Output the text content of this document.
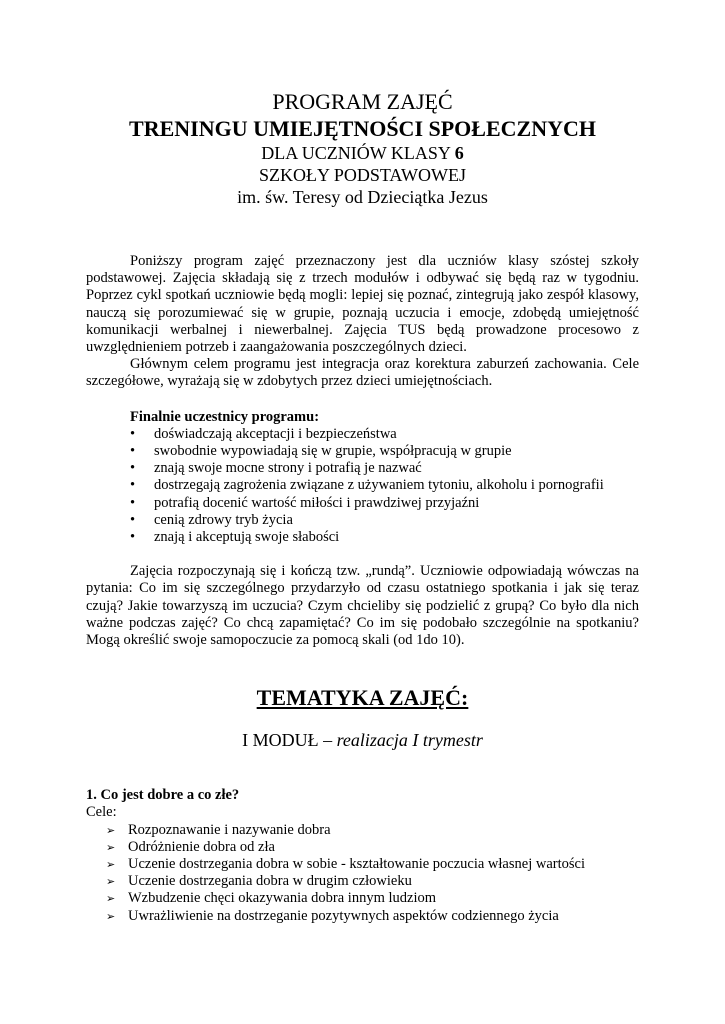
PROGRAM ZAJĘĆ
TRENINGU UMIEJĘTNOŚCI SPOŁECZNYCH
DLA UCZNIÓW KLASY 6
SZKOŁY PODSTAWOWEJ
im. św. Teresy od Dzieciątka Jezus

Poniższy program zajęć przeznaczony jest dla uczniów klasy szóstej szkoły podstawowej. Zajęcia składają się z trzech modułów i odbywać się będą raz w tygodniu. Poprzez cykl spotkań uczniowie będą mogli: lepiej się poznać, zintegrują jako zespół klasowy, nauczą się porozumiewać się w grupie, poznają uczucia i emocje, zdobędą umiejętność komunikacji werbalnej i niewerbalnej. Zajęcia TUS będą prowadzone procesowo z uwzględnieniem potrzeb i zaangażowania poszczególnych dzieci.

Głównym celem programu jest integracja oraz korektura zaburzeń zachowania. Cele szczegółowe, wyrażają się w zdobytych przez dzieci umiejętnościach.

Finalnie uczestnicy programu:
•	doświadczają akceptacji i bezpieczeństwa
•	swobodnie wypowiadają się w grupie, współpracują w grupie
•	znają swoje mocne strony i potrafią je nazwać
•	dostrzegają zagrożenia związane z używaniem tytoniu, alkoholu i pornografii
•	potrafią docenić wartość miłości i prawdziwej przyjaźni
•	cenią zdrowy tryb życia
•	znają i akceptują swoje słabości

Zajęcia rozpoczynają się i kończą tzw. „rundą”. Uczniowie odpowiadają wówczas na pytania: Co im się szczególnego przydarzyło od czasu ostatniego spotkania i jak się teraz czują? Jakie towarzyszą im uczucia? Czym chcieliby się podzielić z grupą? Co było dla nich ważne podczas zajęć? Co chcą zapamiętać? Co im się podobało szczególnie na spotkaniu? Mogą określić swoje samopoczucie za pomocą skali (od 1do 10).

TEMATYKA ZAJĘĆ:
I MODUŁ – realizacja I trymestr
1. Co jest dobre a co złe?
Cele:
➢ Rozpoznawanie i nazywanie dobra
➢ Odróżnienie dobra od zła
➢ Uczenie dostrzegania dobra w sobie - kształtowanie poczucia własnej wartości
➢ Uczenie dostrzegania dobra w drugim człowieku
➢ Wzbudzenie chęci okazywania dobra innym ludziom
➢ Uwrażliwienie na dostrzeganie pozytywnych aspektów codziennego życia
